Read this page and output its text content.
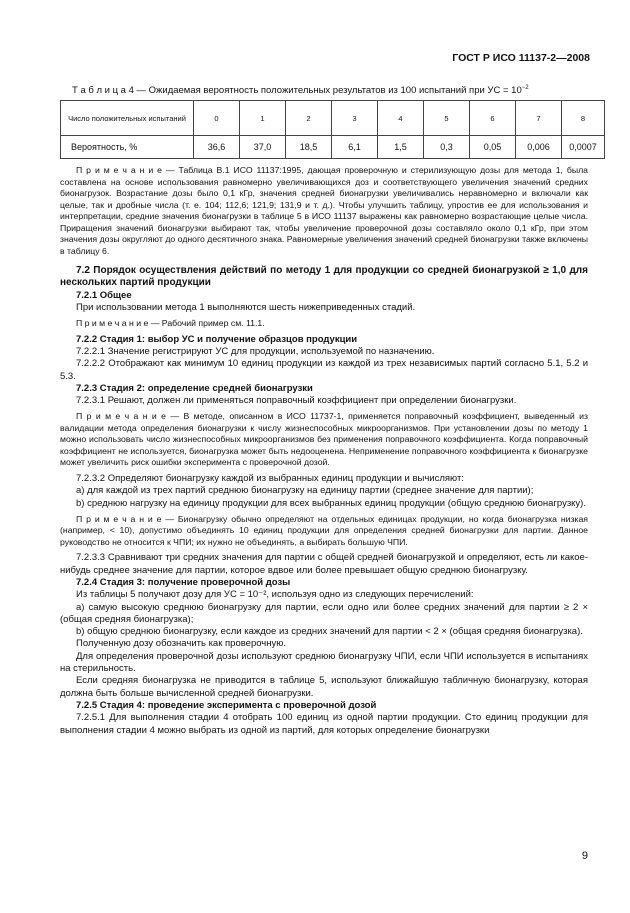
ГОСТ Р ИСО 11137-2—2008
Т а б л и ц а 4 — Ожидаемая вероятность положительных результатов из 100 испытаний при УС = $10^{-2}$
Число положительных испытаний	0	1	2	3	4	5	6	7	8
Вероятность, %	36,6	37,0	18,5	6,1	1,5	0,3	0,05	0,006	0,0007

П р и м е ч а н и е — Таблица В.1 ИСО 11137:1995, дающая проверочную и стерилизующую дозы для метода 1, была составлена на основе использования равномерно увеличивающихся доз и соответствующего увеличения значений средних бионагрузок. Возрастание дозы было 0,1 кГр, значения средней бионагрузки увеличивались неравномерно и включали как целые, так и дробные числа (т. е. 104; 112,6; 121,9; 131,9 и т. д.). Чтобы улучшить таблицу, упростив ее для использования и интерпретации, средние значения бионагрузки в таблице 5 в ИСО 11137 выражены как равномерно возрастающие целые числа. Приращения значений бионагрузки выбирают так, чтобы увеличение проверочной дозы составляло около 0,1 кГр, при этом значения дозы округляют до одного десятичного знака. Равномерные увеличения значений средней бионагрузки также включены в таблицу 6.

7.2 Порядок осуществления действий по методу 1 для продукции со средней бионагрузкой ≥ 1,0 для нескольких партий продукции

7.2.1 Общее

При использовании метода 1 выполняются шесть нижеприведенных стадий.

П р и м е ч а н и е — Рабочий пример см. 11.1.

7.2.2 Стадия 1: выбор УС и получение образцов продукции

7.2.2.1 Значение регистрируют УС для продукции, используемой по назначению.

7.2.2.2 Отображают как минимум 10 единиц продукции из каждой из трех независимых партий согласно 5.1, 5.2 и 5.3.

7.2.3 Стадия 2: определение средней бионагрузки

7.2.3.1 Решают, должен ли применяться поправочный коэффициент при определении бионагрузки.

П р и м е ч а н и е — В методе, описанном в ИСО 11737-1, применяется поправочный коэффициент, выведенный из валидации метода определения бионагрузки к числу жизнеспособных микроорганизмов. При установлении дозы по методу 1 можно использовать число жизнеспособных микроорганизмов без применения поправочного коэффициента. Когда поправочный коэффициент не используется, бионагрузка может быть недооценена. Неприменение поправочного коэффициента к бионагрузке может увеличить риск ошибки эксперимента с проверочной дозой.

7.2.3.2 Определяют бионагрузку каждой из выбранных единиц продукции и вычисляют:

а) для каждой из трех партий среднюю бионагрузку на единицу партии (среднее значение для партии);

b) среднюю нагрузку на единицу продукции для всех выбранных единиц продукции (общую среднюю бионагрузку).

П р и м е ч а н и е — Бионагрузку обычно определяют на отдельных единицах продукции, но когда бионагрузка низкая (например, < 10), допустимо объединять 10 единиц продукции для определения средней бионагрузки для партии. Данное руководство не относится к ЧПИ; их нужно не объединять, а выбирать большую ЧПИ.

7.2.3.3 Сравнивают три средних значения для партии с общей средней бионагрузкой и определяют, есть ли какое-нибудь среднее значение для партии, которое вдвое или более превышает общую среднюю бионагрузку.

7.2.4 Стадия 3: получение проверочной дозы

Из таблицы 5 получают дозу для УС = 10⁻², используя одно из следующих перечислений:

а) самую высокую среднюю бионагрузку для партии, если одно или более средних значений для партии ≥ 2 × (общая средняя бионагрузка);

b) общую среднюю бионагрузку, если каждое из средних значений для партии < 2 × (общая средняя бионагрузка).

Полученную дозу обозначить как проверочную.

Для определения проверочной дозы используют среднюю бионагрузку ЧПИ, если ЧПИ используется в испытаниях на стерильность.

Если средняя бионагрузка не приводится в таблице 5, используют ближайшую табличную бионагрузку, которая должна быть больше вычисленной средней бионагрузки.

7.2.5 Стадия 4: проведение эксперимента с проверочной дозой

7.2.5.1 Для выполнения стадии 4 отобрать 100 единиц из одной партии продукции. Сто единиц продукции для выполнения стадии 4 можно выбрать из одной из партий, для которых определение бионагрузки

9
